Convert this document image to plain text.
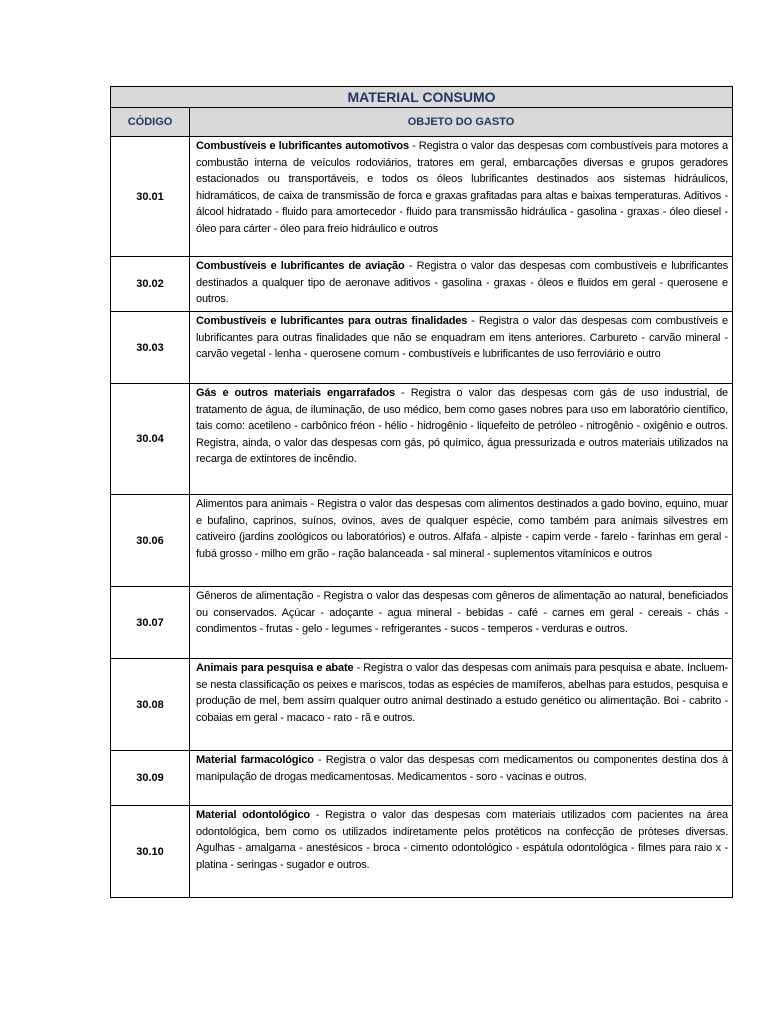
MATERIAL CONSUMO	
CÓDIGO	OBJETO DO GASTO
30.01	Combustíveis e lubrificantes automotivos - Registra o valor das despesas com combustíveis para motores a combustão interna de veículos rodoviários, tratores em geral, embarcações diversas e grupos geradores estacionados ou transportáveis, e todos os óleos lubrificantes destinados aos sistemas hidráulicos, hidramáticos, de caixa de transmissão de forca e graxas grafitadas para altas e baixas temperaturas. Aditivos - álcool hidratado - fluido para amortecedor - fluido para transmissão hidráulica - gasolina - graxas - óleo diesel - óleo para cárter - óleo para freio hidráulico e outros
30.02	Combustíveis e lubrificantes de aviação - Registra o valor das despesas com combustíveis e lubrificantes destinados a qualquer tipo de aeronave aditivos - gasolina - graxas - óleos e fluidos em geral - querosene e outros.
30.03	Combustíveis e lubrificantes para outras finalidades - Registra o valor das despesas com combustíveis e lubrificantes para outras finalidades que não se enquadram em itens anteriores. Carbureto - carvão mineral - carvão vegetal - lenha - querosene comum - combustíveis e lubrificantes de uso ferroviário e outro
30.04	Gás e outros materiais engarrafados - Registra o valor das despesas com gás de uso industrial, de tratamento de água, de iluminação, de uso médico, bem como gases nobres para uso em laboratório científico, tais como: acetileno - carbônico fréon - hélio - hidrogênio - liquefeito de petróleo - nitrogênio - oxigênio e outros. Registra, ainda, o valor das despesas com gás, pó químico, água pressurizada e outros materiais utilizados na recarga de extintores de incêndio.
30.06	Alimentos para animais - Registra o valor das despesas com alimentos destinados a gado bovino, equino, muar e bufalino, caprinos, suínos, ovinos, aves de qualquer espécie, como também para animais silvestres em cativeiro (jardins zoológicos ou laboratórios) e outros. Alfafa - alpiste - capim verde - farelo - farinhas em geral - fubá grosso - milho em grão - ração balanceada - sal mineral - suplementos vitamínicos e outros
30.07	Gêneros de alimentação - Registra o valor das despesas com gêneros de alimentação ao natural, beneficiados ou conservados. Açúcar - adoçante - agua mineral - bebidas - café - carnes em geral - cereais - chás - condimentos - frutas - gelo - legumes - refrigerantes - sucos - temperos - verduras e outros.
30.08	Animais para pesquisa e abate - Registra o valor das despesas com animais para pesquisa e abate. Incluem-se nesta classificação os peixes e mariscos, todas as espécies de mamíferos, abelhas para estudos, pesquisa e produção de mel, bem assim qualquer outro animal destinado a estudo genético ou alimentação. Boi - cabrito - cobaias em geral - macaco - rato - rã e outros.
30.09	Material farmacológico - Registra o valor das despesas com medicamentos ou componentes destina dos à manipulação de drogas medicamentosas. Medicamentos - soro - vacinas e outros.
30.10	Material odontológico - Registra o valor das despesas com materiais utilizados com pacientes na área odontológica, bem como os utilizados indiretamente pelos protéticos na confecção de próteses diversas. Agulhas - amalgama - anestésicos - broca - cimento odontológico - espátula odontológica - filmes para raio x - platina - seringas - sugador e outros.
